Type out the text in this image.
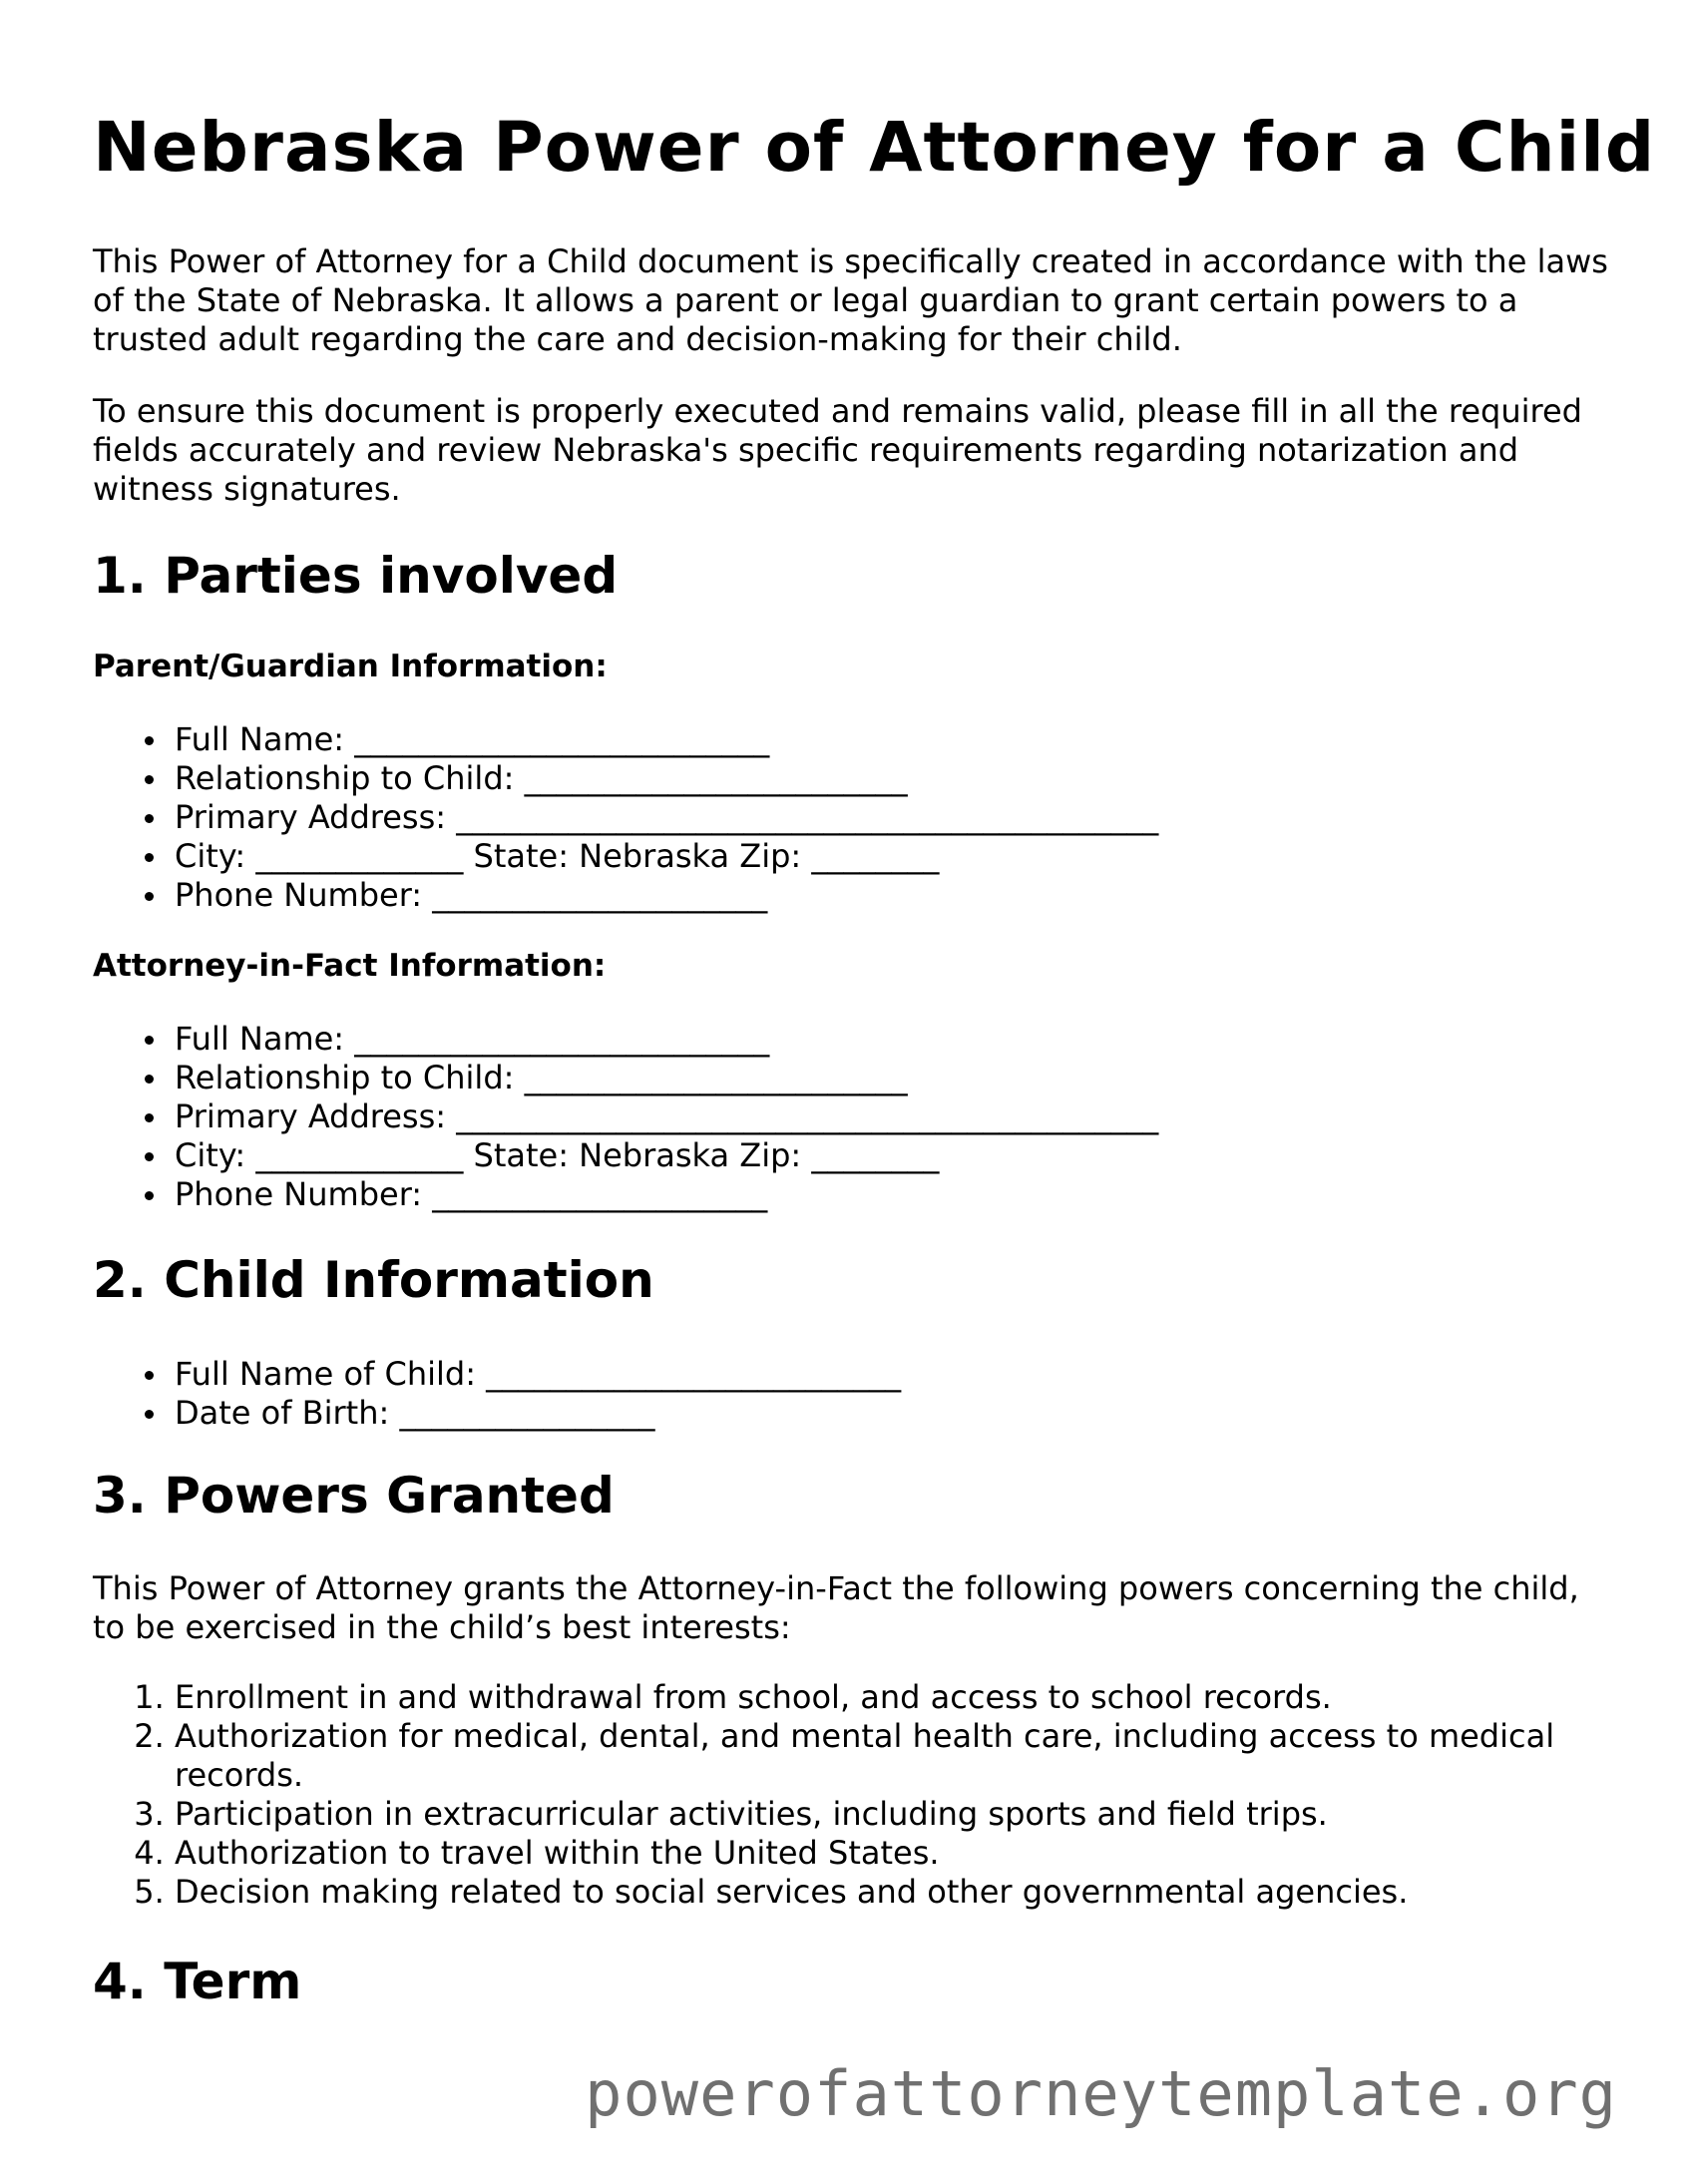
Nebraska Power of Attorney for a Child

This Power of Attorney for a Child document is specifically created in accordance with the laws of the State of Nebraska. It allows a parent or legal guardian to grant certain powers to a trusted adult regarding the care and decision-making for their child.

To ensure this document is properly executed and remains valid, please fill in all the required fields accurately and review Nebraska's specific requirements regarding notarization and witness signatures.

1. Parties involved
Parent/Guardian Information:
Full Name: __________________________
Relationship to Child: ________________________
Primary Address: ____________________________________________
City: _____________ State: Nebraska Zip: ________
Phone Number: _____________________
Attorney-in-Fact Information:
Full Name: __________________________
Relationship to Child: ________________________
Primary Address: ____________________________________________
City: _____________ State: Nebraska Zip: ________
Phone Number: _____________________
2. Child Information
Full Name of Child: __________________________
Date of Birth: ________________
3. Powers Granted

This Power of Attorney grants the Attorney-in-Fact the following powers concerning the child, to be exercised in the child’s best interests:

1. Enrollment in and withdrawal from school, and access to school records.
2. Authorization for medical, dental, and mental health care, including access to medical records.
3. Participation in extracurricular activities, including sports and field trips.
4. Authorization to travel within the United States.
5. Decision making related to social services and other governmental agencies.
4. Term
powerofattorneytemplate.org
